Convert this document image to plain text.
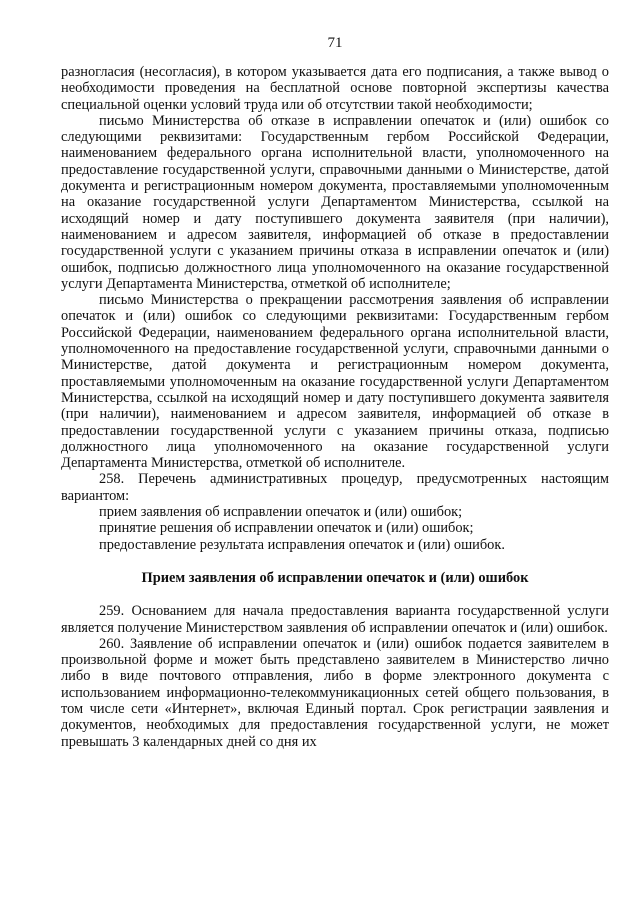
71

разногласия (несогласия), в котором указывается дата его подписания, а также вывод о необходимости проведения на бесплатной основе повторной экспертизы качества специальной оценки условий труда или об отсутствии такой необходимости;

письмо Министерства об отказе в исправлении опечаток и (или) ошибок со следующими реквизитами: Государственным гербом Российской Федерации, наименованием федерального органа исполнительной власти, уполномоченного на предоставление государственной услуги, справочными данными о Министерстве, датой документа и регистрационным номером документа, проставляемыми уполномоченным на оказание государственной услуги Департаментом Министерства, ссылкой на исходящий номер и дату поступившего документа заявителя (при наличии), наименованием и адресом заявителя, информацией об отказе в предоставлении государственной услуги с указанием причины отказа в исправлении опечаток и (или) ошибок, подписью должностного лица уполномоченного на оказание государственной услуги Департамента Министерства, отметкой об исполнителе;

письмо Министерства о прекращении рассмотрения заявления об исправлении опечаток и (или) ошибок со следующими реквизитами: Государственным гербом Российской Федерации, наименованием федерального органа исполнительной власти, уполномоченного на предоставление государственной услуги, справочными данными о Министерстве, датой документа и регистрационным номером документа, проставляемыми уполномоченным на оказание государственной услуги Департаментом Министерства, ссылкой на исходящий номер и дату поступившего документа заявителя (при наличии), наименованием и адресом заявителя, информацией об отказе в предоставлении государственной услуги с указанием причины отказа, подписью должностного лица уполномоченного на оказание государственной услуги Департамента Министерства, отметкой об исполнителе.

258. Перечень административных процедур, предусмотренных настоящим вариантом:

прием заявления об исправлении опечаток и (или) ошибок;

принятие решения об исправлении опечаток и (или) ошибок;

предоставление результата исправления опечаток и (или) ошибок.

Прием заявления об исправлении опечаток и (или) ошибок

259. Основанием для начала предоставления варианта государственной услуги является получение Министерством заявления об исправлении опечаток и (или) ошибок.

260. Заявление об исправлении опечаток и (или) ошибок подается заявителем в произвольной форме и может быть представлено заявителем в Министерство лично либо в виде почтового отправления, либо в форме электронного документа с использованием информационно-телекоммуникационных сетей общего пользования, в том числе сети «Интернет», включая Единый портал. Срок регистрации заявления и документов, необходимых для предоставления государственной услуги, не может превышать 3 календарных дней со дня их
